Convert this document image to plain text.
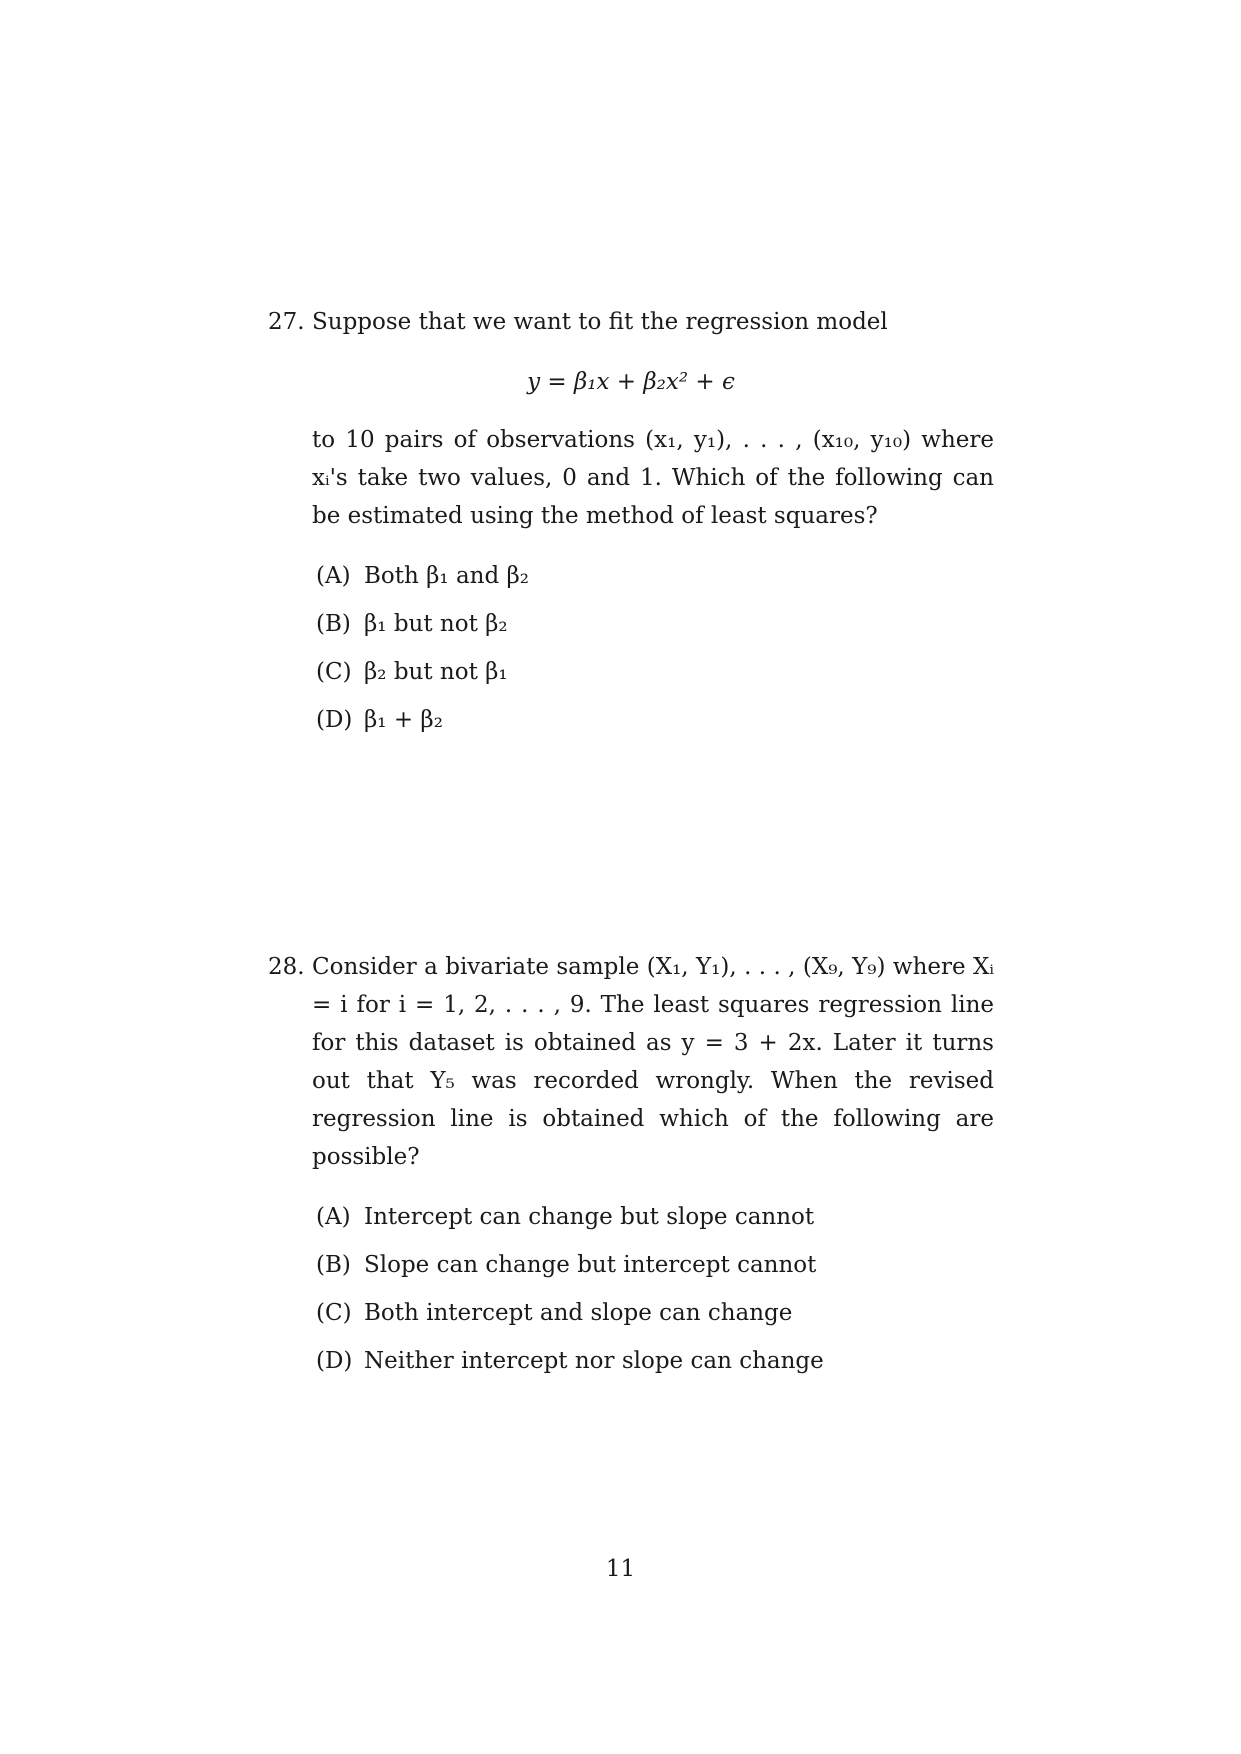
27. Suppose that we want to fit the regression model
y = β₁x + β₂x² + ϵ
to 10 pairs of observations (x₁, y₁), . . . , (x₁₀, y₁₀) where xᵢ's take two values, 0 and 1. Which of the following can be estimated using the method of least squares?
(A) Both β₁ and β₂
(B) β₁ but not β₂
(C) β₂ but not β₁
(D) β₁ + β₂
28. Consider a bivariate sample (X₁, Y₁), . . . , (X₉, Y₉) where Xᵢ = i for i = 1, 2, . . . , 9. The least squares regression line for this dataset is obtained as y = 3 + 2x. Later it turns out that Y₅ was recorded wrongly. When the revised regression line is obtained which of the following are possible?
(A) Intercept can change but slope cannot
(B) Slope can change but intercept cannot
(C) Both intercept and slope can change
(D) Neither intercept nor slope can change
11
